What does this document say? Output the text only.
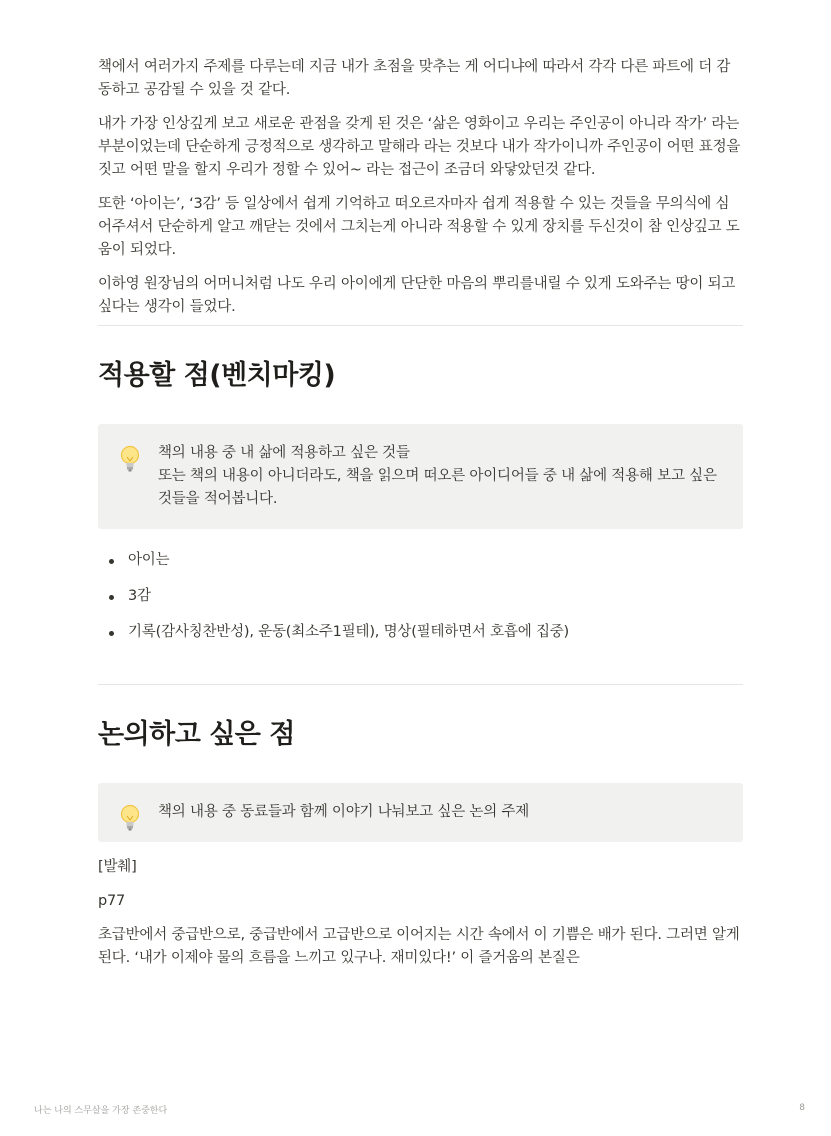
책에서 여러가지 주제를 다루는데 지금 내가 초점을 맞추는 게 어디냐에 따라서 각각 다른 파트에 더 감동하고 공감될 수 있을 것 같다.

내가 가장 인상깊게 보고 새로운 관점을 갖게 된 것은 ‘삶은 영화이고 우리는 주인공이 아니라 작가’ 라는 부분이었는데 단순하게 긍정적으로 생각하고 말해라 라는 것보다 내가 작가이니까 주인공이 어떤 표정을 짓고 어떤 말을 할지 우리가 정할 수 있어~ 라는 접근이 조금더 와닿았던것 같다.

또한 ‘아이는’, ‘3감’ 등 일상에서 쉽게 기억하고 떠오르자마자 쉽게 적용할 수 있는 것들을 무의식에 심어주셔서 단순하게 알고 깨닫는 것에서 그치는게 아니라 적용할 수 있게 장치를 두신것이 참 인상깊고 도움이 되었다.

이하영 원장님의 어머니처럼 나도 우리 아이에게 단단한 마음의 뿌리를내릴 수 있게 도와주는 땅이 되고싶다는 생각이 들었다.

적용할 점(벤치마킹)
책의 내용 중 내 삶에 적용하고 싶은 것들
또는 책의 내용이 아니더라도, 책을 읽으며 떠오른 아이디어들 중 내 삶에 적용해 보고 싶은 것들을 적어봅니다.
아이는
3감
기록(감사칭찬반성), 운동(최소주1필테), 명상(필테하면서 호흡에 집중)
논의하고 싶은 점
책의 내용 중 동료들과 함께 이야기 나눠보고 싶은 논의 주제

[발췌]

p77

초급반에서 중급반으로, 중급반에서 고급반으로 이어지는 시간 속에서 이 기쁨은 배가 된다. 그러면 알게 된다. ‘내가 이제야 물의 흐름을 느끼고 있구나. 재미있다!’ 이 즐거움의 본질은

나는 나의 스무살을 가장 존중한다	8
